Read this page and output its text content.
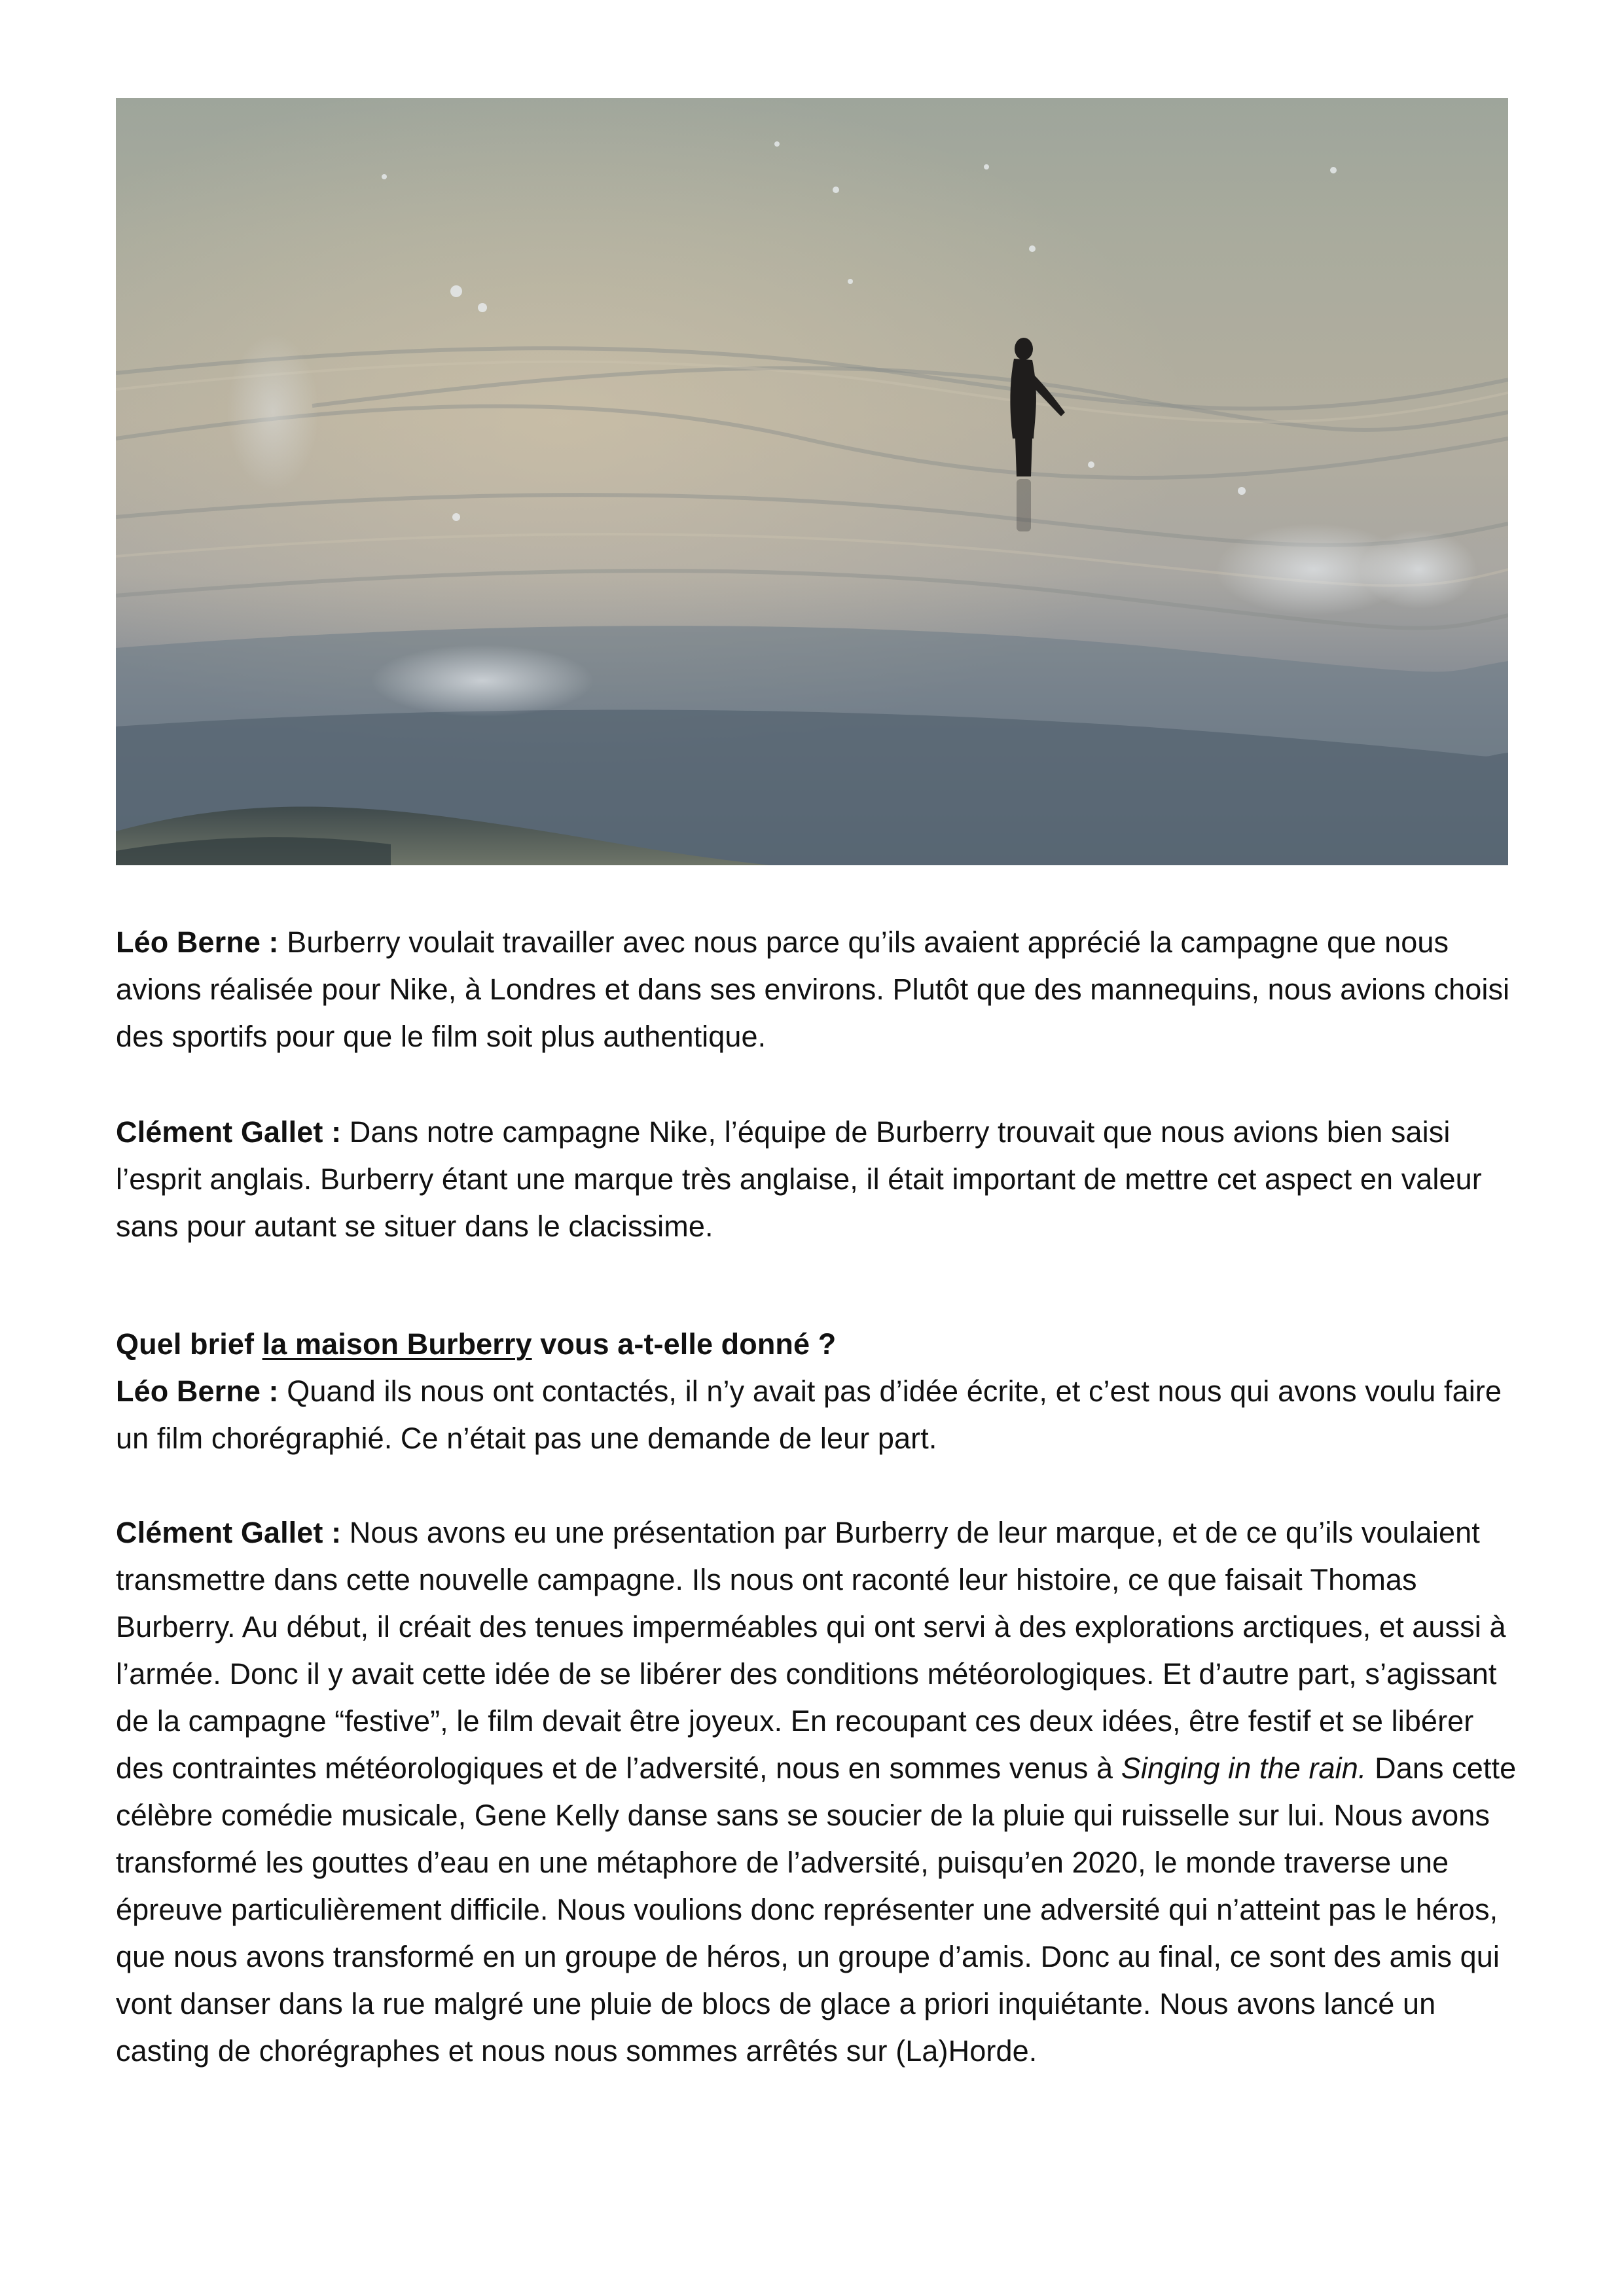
Léo Berne : Burberry voulait travailler avec nous parce qu’ils avaient apprécié la campagne que nous avions réalisée pour Nike, à Londres et dans ses environs. Plutôt que des mannequins, nous avions choisi des sportifs pour que le film soit plus authentique.

Clément Gallet : Dans notre campagne Nike, l’équipe de Burberry trouvait que nous avions bien saisi l’esprit anglais. Burberry étant une marque très anglaise, il était important de mettre cet aspect en valeur sans pour autant se situer dans le clacissime.

Quel brief la maison Burberry vous a-t-elle donné ?

Léo Berne : Quand ils nous ont contactés, il n’y avait pas d’idée écrite, et c’est nous qui avons voulu faire un film chorégraphié. Ce n’était pas une demande de leur part.

Clément Gallet : Nous avons eu une présentation par Burberry de leur marque, et de ce qu’ils voulaient transmettre dans cette nouvelle campagne. Ils nous ont raconté leur histoire, ce que faisait Thomas Burberry. Au début, il créait des tenues imperméables qui ont servi à des explorations arctiques, et aussi à l’armée. Donc il y avait cette idée de se libérer des conditions météorologiques. Et d’autre part, s’agissant de la campagne “festive”, le film devait être joyeux. En recoupant ces deux idées, être festif et se libérer des contraintes météorologiques et de l’adversité, nous en sommes venus à Singing in the rain. Dans cette célèbre comédie musicale, Gene Kelly danse sans se soucier de la pluie qui ruisselle sur lui. Nous avons transformé les gouttes d’eau en une métaphore de l’adversité, puisqu’en 2020, le monde traverse une épreuve particulièrement difficile. Nous voulions donc représenter une adversité qui n’atteint pas le héros, que nous avons transformé en un groupe de héros, un groupe d’amis. Donc au final, ce sont des amis qui vont danser dans la rue malgré une pluie de blocs de glace a priori inquiétante. Nous avons lancé un casting de chorégraphes et nous nous sommes arrêtés sur (La)Horde.
